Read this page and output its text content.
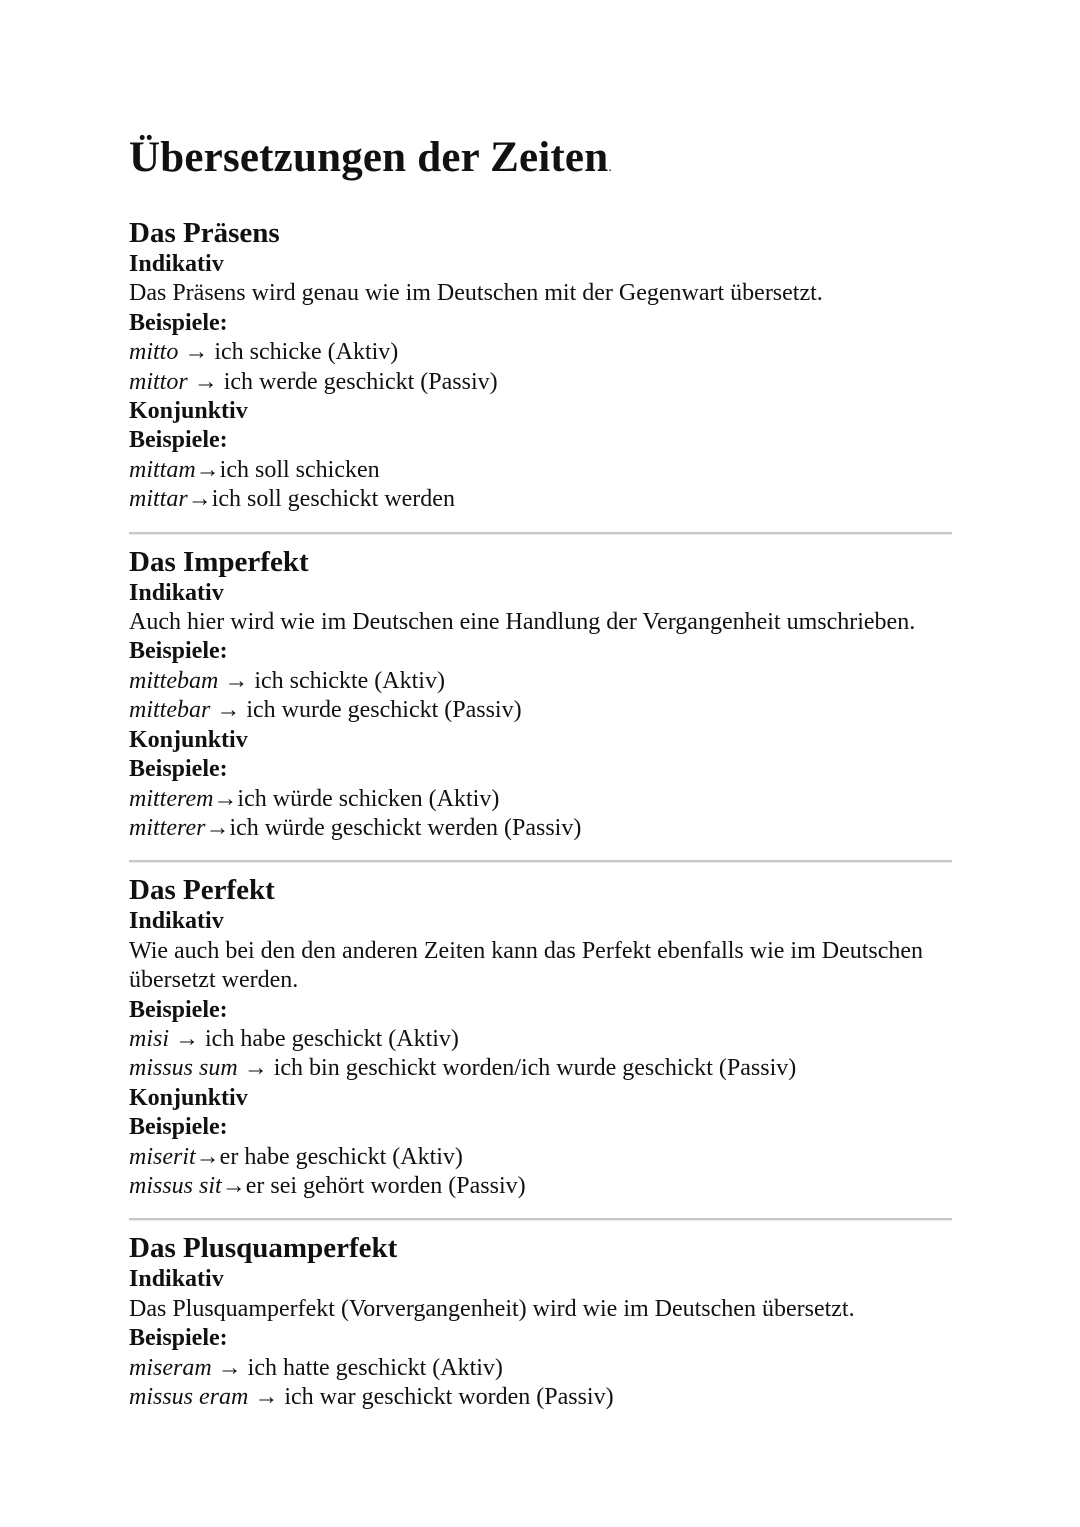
Übersetzungen der Zeiten.
Das Präsens

Indikativ

Das Präsens wird genau wie im Deutschen mit der Gegenwart übersetzt.

Beispiele:

mitto → ich schicke (Aktiv)

mittor → ich werde geschickt (Passiv)

Konjunktiv

Beispiele:

mittam→ich soll schicken

mittar→ich soll geschickt werden

Das Imperfekt

Indikativ

Auch hier wird wie im Deutschen eine Handlung der Vergangenheit umschrieben.

Beispiele:

mittebam → ich schickte (Aktiv)

mittebar → ich wurde geschickt (Passiv)

Konjunktiv

Beispiele:

mitterem→ich würde schicken (Aktiv)

mitterer→ich würde geschickt werden (Passiv)

Das Perfekt

Indikativ

Wie auch bei den den anderen Zeiten kann das Perfekt ebenfalls wie im Deutschen übersetzt werden.

Beispiele:

misi → ich habe geschickt (Aktiv)

missus sum → ich bin geschickt worden/ich wurde geschickt (Passiv)

Konjunktiv

Beispiele:

miserit→er habe geschickt (Aktiv)

missus sit→er sei gehört worden (Passiv)

Das Plusquamperfekt

Indikativ

Das Plusquamperfekt (Vorvergangenheit) wird wie im Deutschen übersetzt.

Beispiele:

miseram → ich hatte geschickt (Aktiv)

missus eram → ich war geschickt worden (Passiv)
